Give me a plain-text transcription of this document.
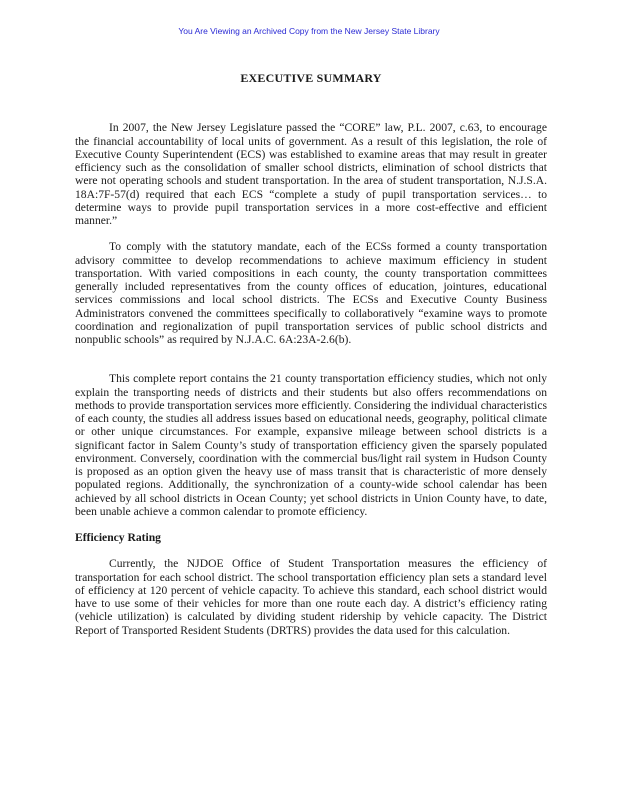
You Are Viewing an Archived Copy from the New Jersey State Library
EXECUTIVE SUMMARY

In 2007, the New Jersey Legislature passed the “CORE” law, P.L. 2007, c.63, to encourage the financial accountability of local units of government. As a result of this legislation, the role of Executive County Superintendent (ECS) was established to examine areas that may result in greater efficiency such as the consolidation of smaller school districts, elimination of school districts that were not operating schools and student transportation. In the area of student transportation, N.J.S.A. 18A:7F-57(d) required that each ECS “complete a study of pupil transportation services… to determine ways to provide pupil transportation services in a more cost-effective and efficient manner.”

To comply with the statutory mandate, each of the ECSs formed a county transportation advisory committee to develop recommendations to achieve maximum efficiency in student transportation. With varied compositions in each county, the county transportation committees generally included representatives from the county offices of education, jointures, educational services commissions and local school districts. The ECSs and Executive County Business Administrators convened the committees specifically to collaboratively “examine ways to promote coordination and regionalization of pupil transportation services of public school districts and nonpublic schools” as required by N.J.A.C. 6A:23A-2.6(b).

This complete report contains the 21 county transportation efficiency studies, which not only explain the transporting needs of districts and their students but also offers recommendations on methods to provide transportation services more efficiently. Considering the individual characteristics of each county, the studies all address issues based on educational needs, geography, political climate or other unique circumstances. For example, expansive mileage between school districts is a significant factor in Salem County’s study of transportation efficiency given the sparsely populated environment. Conversely, coordination with the commercial bus/light rail system in Hudson County is proposed as an option given the heavy use of mass transit that is characteristic of more densely populated regions. Additionally, the synchronization of a county-wide school calendar has been achieved by all school districts in Ocean County; yet school districts in Union County have, to date, been unable achieve a common calendar to promote efficiency.

Efficiency Rating

Currently, the NJDOE Office of Student Transportation measures the efficiency of transportation for each school district. The school transportation efficiency plan sets a standard level of efficiency at 120 percent of vehicle capacity. To achieve this standard, each school district would have to use some of their vehicles for more than one route each day. A district’s efficiency rating (vehicle utilization) is calculated by dividing student ridership by vehicle capacity. The District Report of Transported Resident Students (DRTRS) provides the data used for this calculation.
